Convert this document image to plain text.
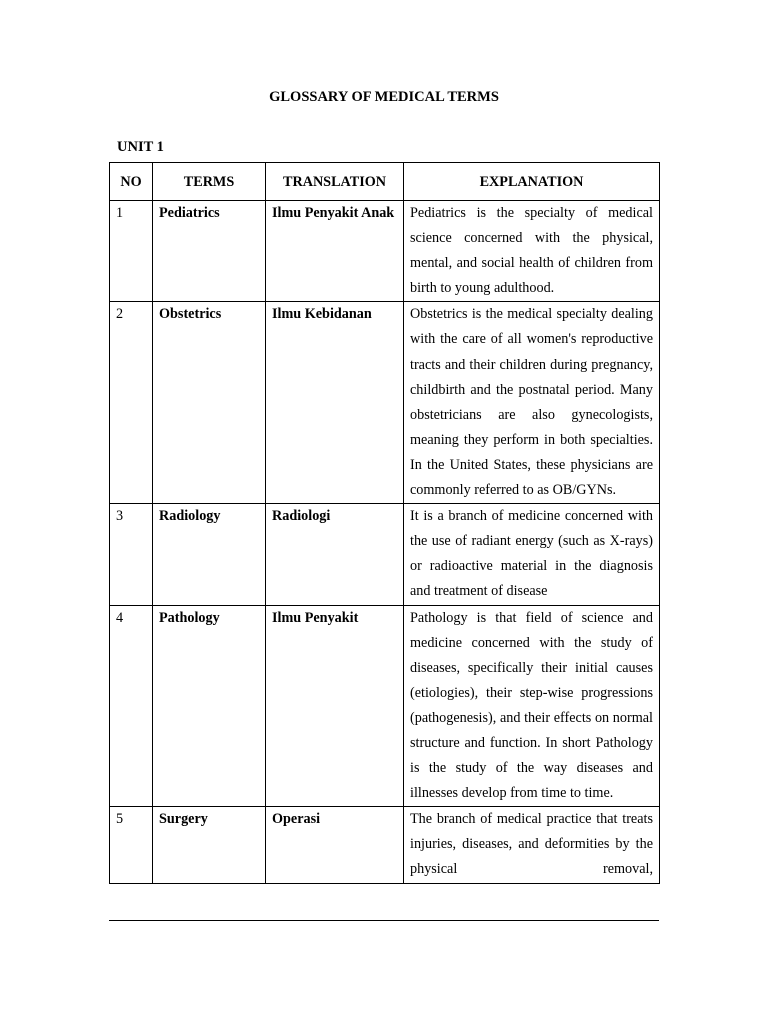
GLOSSARY OF MEDICAL TERMS
UNIT 1
NO	TERMS	TRANSLATION	EXPLANATION
1	Pediatrics	Ilmu Penyakit Anak	Pediatrics is the specialty of medical science concerned with the physical, mental, and social health of children from birth to young adulthood.
2	Obstetrics	Ilmu Kebidanan	Obstetrics is the medical specialty dealing with the care of all women's reproductive tracts and their children during pregnancy, childbirth and the postnatal period. Many obstetricians are also gynecologists, meaning they perform in both specialties. In the United States, these physicians are commonly referred to as OB/GYNs.
3	Radiology	Radiologi	It is a branch of medicine concerned with the use of radiant energy (such as X-rays) or radioactive material in the diagnosis and treatment of disease
4	Pathology	Ilmu Penyakit	Pathology is that field of science and medicine concerned with the study of diseases, specifically their initial causes (etiologies), their step-wise progressions (pathogenesis), and their effects on normal structure and function. In short Pathology is the study of the way diseases and illnesses develop from time to time.
5	Surgery	Operasi	The branch of medical practice that treats injuries, diseases, and deformities by the physical removal,
